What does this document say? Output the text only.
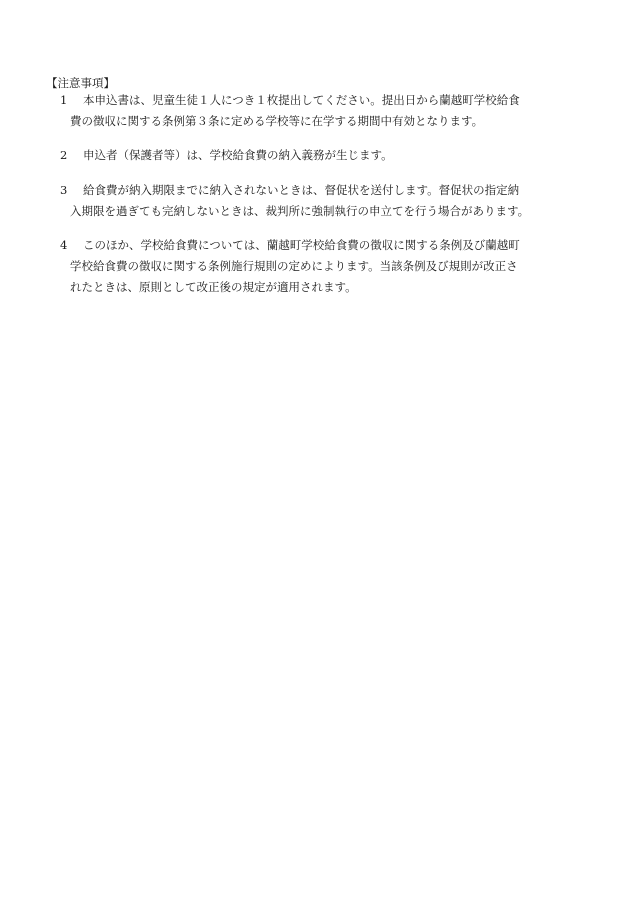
【注意事項】
1 本申込書は、児童生徒１人につき１枚提出してください。提出日から蘭越町学校給食
費の徴収に関する条例第３条に定める学校等に在学する期間中有効となります。
2 申込者（保護者等）は、学校給食費の納入義務が生じます。
3 給食費が納入期限までに納入されないときは、督促状を送付します。督促状の指定納
入期限を過ぎても完納しないときは、裁判所に強制執行の申立てを行う場合があります。
4 このほか、学校給食費については、蘭越町学校給食費の徴収に関する条例及び蘭越町
学校給食費の徴収に関する条例施行規則の定めによります。当該条例及び規則が改正さ
れたときは、原則として改正後の規定が適用されます。
